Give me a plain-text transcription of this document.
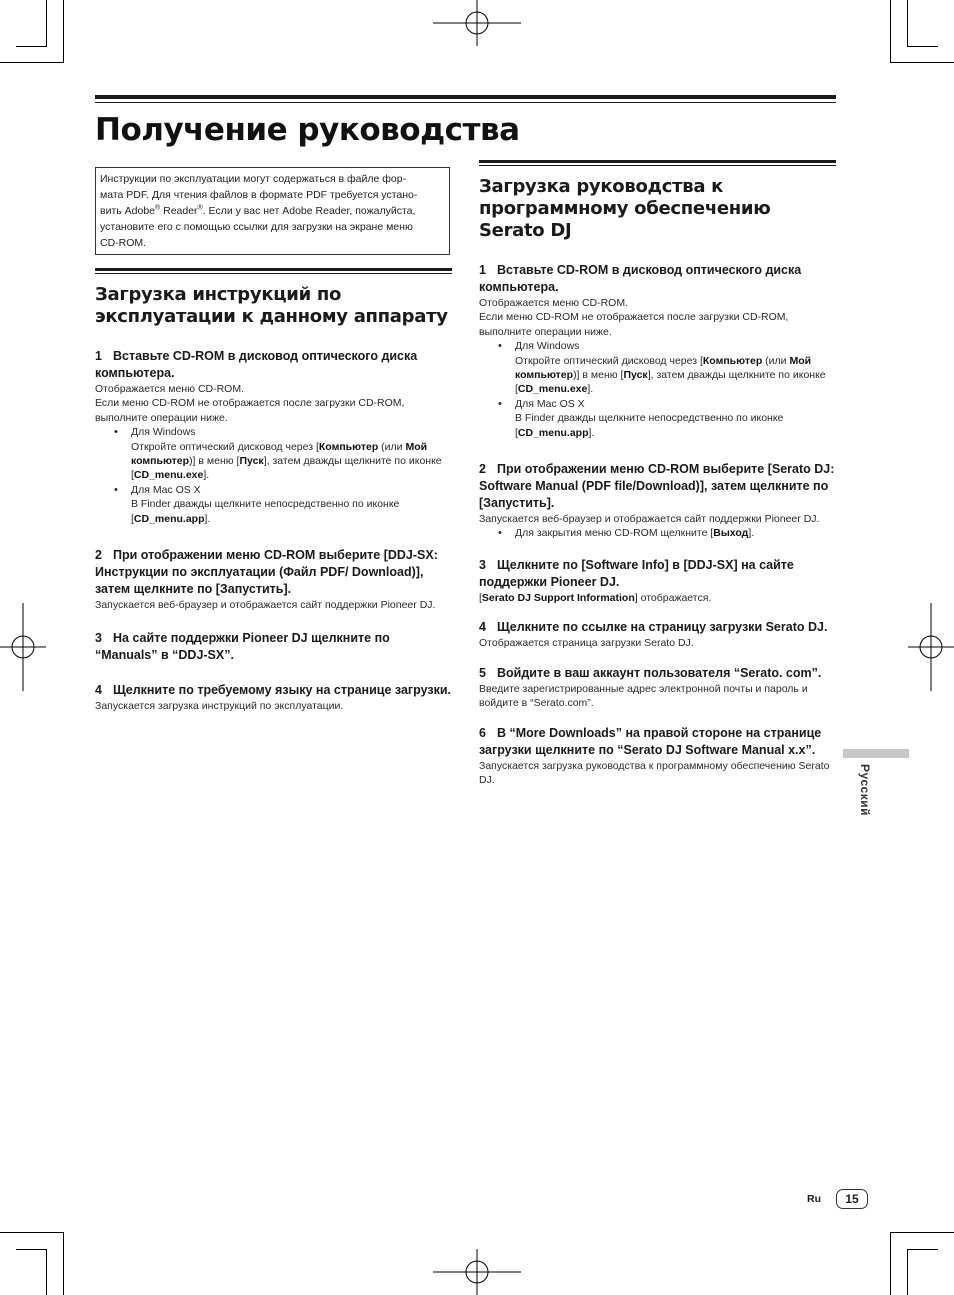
Получение руководства
Инструкции по эксплуатации могут содержаться в файле фор-
мата PDF. Для чтения файлов в формате PDF требуется устано-
вить Adobe® Reader®. Если у вас нет Adobe Reader, пожалуйста,
установите его с помощью ссылки для загрузки на экране меню
CD-ROM.
Загрузка инструкций по эксплуатации к данному аппарату
1 Вставьте CD-ROM в дисковод оптического диска компьютера.
Отображается меню CD-ROM.
Если меню CD-ROM не отображается после загрузки CD-ROM, выполните операции ниже.
• Для Windows
Откройте оптический дисковод через [Компьютер (или Мой компьютер)] в меню [Пуск], затем дважды щелкните по иконке [CD_menu.exe].
• Для Mac OS X
В Finder дважды щелкните непосредственно по иконке [CD_menu.app].
2 При отображении меню CD-ROM выберите [DDJ-SX: Инструкции по эксплуатации (Файл PDF/ Download)], затем щелкните по [Запустить].
Запускается веб-браузер и отображается сайт поддержки Pioneer DJ.
3 На сайте поддержки Pioneer DJ щелкните по “Manuals” в “DDJ-SX”.
4 Щелкните по требуемому языку на странице загрузки.
Запускается загрузка инструкций по эксплуатации.
Загрузка руководства к программному обеспечению Serato DJ
1 Вставьте CD-ROM в дисковод оптического диска компьютера.
Отображается меню CD-ROM.
Если меню CD-ROM не отображается после загрузки CD-ROM, выполните операции ниже.
• Для Windows
Откройте оптический дисковод через [Компьютер (или Мой компьютер)] в меню [Пуск], затем дважды щелкните по иконке [CD_menu.exe].
• Для Mac OS X
В Finder дважды щелкните непосредственно по иконке [CD_menu.app].
2 При отображении меню CD-ROM выберите [Serato DJ: Software Manual (PDF file/Download)], затем щелкните по [Запустить].
Запускается веб-браузер и отображается сайт поддержки Pioneer DJ.
• Для закрытия меню CD-ROM щелкните [Выход].
3 Щелкните по [Software Info] в [DDJ-SX] на сайте поддержки Pioneer DJ.
[Serato DJ Support Information] отображается.
4 Щелкните по ссылке на страницу загрузки Serato DJ.
Отображается страница загрузки Serato DJ.
5 Войдите в ваш аккаунт пользователя “Serato. com”.
Введите зарегистрированные адрес электронной почты и пароль и войдите в “Serato.com”.
6 В “More Downloads” на правой стороне на странице загрузки щелкните по “Serato DJ Software Manual x.x”.
Запускается загрузка руководства к программному обеспечению Serato DJ.	Русский
Ru	15
